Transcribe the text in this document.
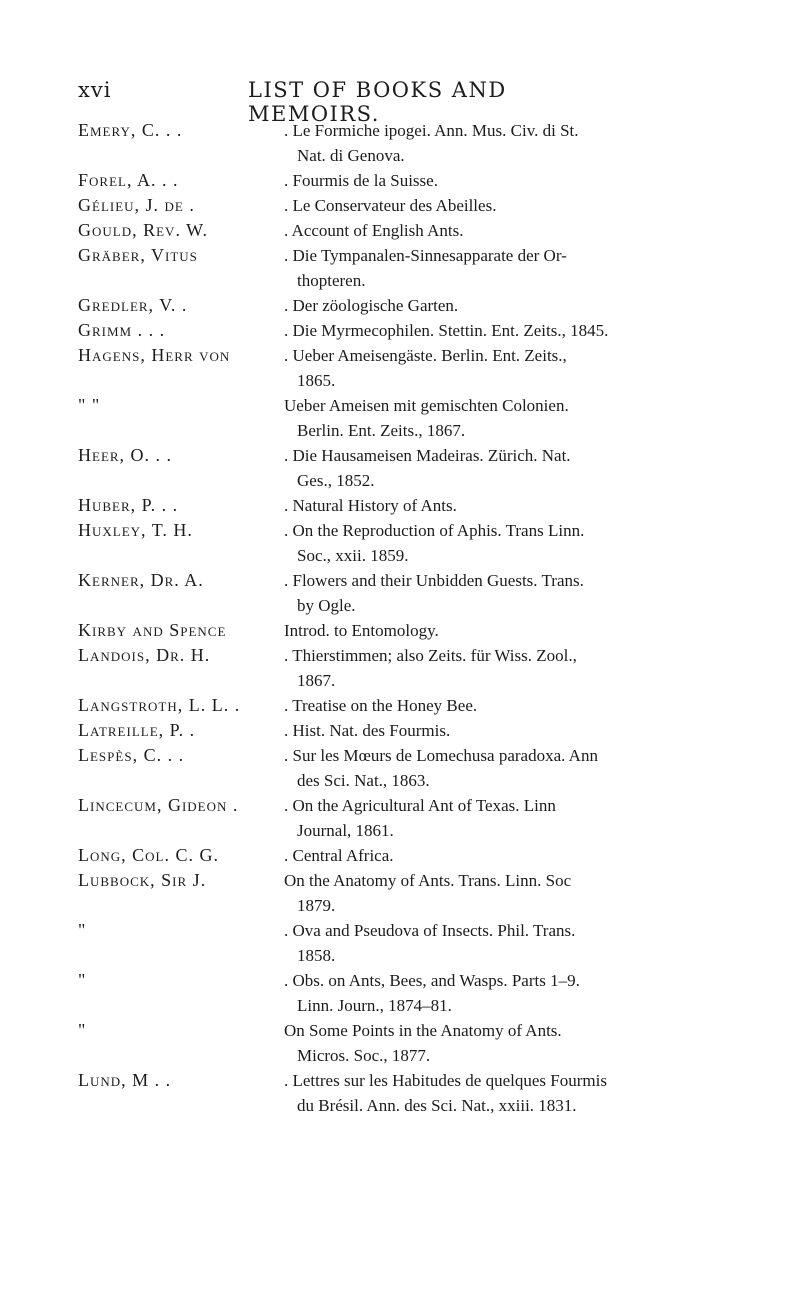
xvi	LIST OF BOOKS AND MEMOIRS.
Emery, C. . .	. Le Formiche ipogei. Ann. Mus. Civ. di St.
Nat. di Genova.
Forel, A. . .	. Fourmis de la Suisse.
Gélieu, J. de .	. Le Conservateur des Abeilles.
Gould, Rev. W.	. Account of English Ants.
Gräber, Vitus	. Die Tympanalen-Sinnesapparate der Or-
thopteren.
Gredler, V. .	. Der zöologische Garten.
Grimm . . .	. Die Myrmecophilen. Stettin. Ent. Zeits., 1845.
Hagens, Herr von	. Ueber Ameisengäste. Berlin. Ent. Zeits.,
1865.
" "	Ueber Ameisen mit gemischten Colonien.
Berlin. Ent. Zeits., 1867.
Heer, O. . .	. Die Hausameisen Madeiras. Zürich. Nat.
Ges., 1852.
Huber, P. . .	. Natural History of Ants.
Huxley, T. H.	. On the Reproduction of Aphis. Trans Linn.
Soc., xxii. 1859.
Kerner, Dr. A.	. Flowers and their Unbidden Guests. Trans.
by Ogle.
Kirby and Spence	Introd. to Entomology.
Landois, Dr. H.	. Thierstimmen; also Zeits. für Wiss. Zool.,
1867.
Langstroth, L. L. .	. Treatise on the Honey Bee.
Latreille, P. .	. Hist. Nat. des Fourmis.
Lespès, C. . .	. Sur les Mœurs de Lomechusa paradoxa. Ann
des Sci. Nat., 1863.
Lincecum, Gideon .	. On the Agricultural Ant of Texas. Linn
Journal, 1861.
Long, Col. C. G.	. Central Africa.
Lubbock, Sir J.	On the Anatomy of Ants. Trans. Linn. Soc
1879.
"	. Ova and Pseudova of Insects. Phil. Trans.
1858.
"	. Obs. on Ants, Bees, and Wasps. Parts 1–9.
Linn. Journ., 1874–81.
"	On Some Points in the Anatomy of Ants.
Micros. Soc., 1877.
Lund, M . .	. Lettres sur les Habitudes de quelques Fourmis
du Brésil. Ann. des Sci. Nat., xxiii. 1831.
